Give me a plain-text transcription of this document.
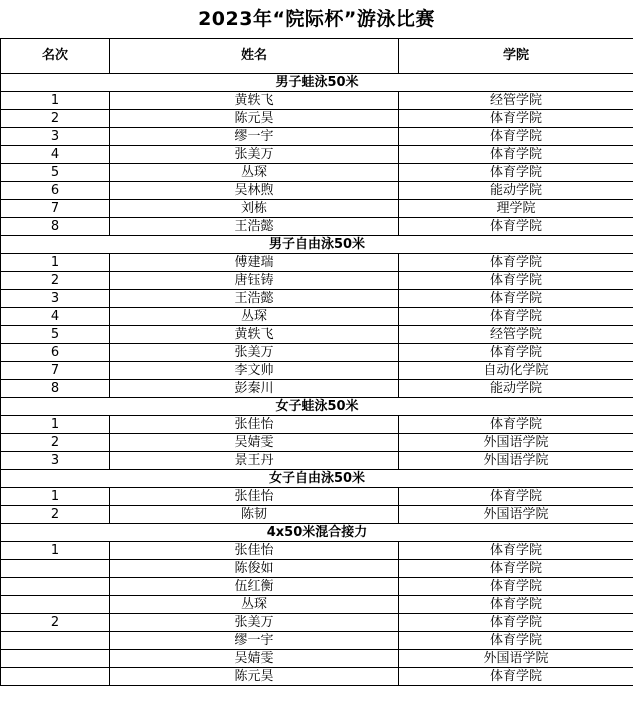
2023年“院际杯”游泳比赛
名次	姓名	学院
男子蛙泳50米		
1	黄轶飞	经管学院
2	陈元昊	体育学院
3	缪一宇	体育学院
4	张美万	体育学院
5	丛琛	体育学院
6	吴林煦	能动学院
7	刘栋	理学院
8	王浩懿	体育学院
男子自由泳50米		
1	傅建瑞	体育学院
2	唐钰铸	体育学院
3	王浩懿	体育学院
4	丛琛	体育学院
5	黄轶飞	经管学院
6	张美万	体育学院
7	李文帅	自动化学院
8	彭秦川	能动学院
女子蛙泳50米		
1	张佳怡	体育学院
2	吴婧雯	外国语学院
3	景王丹	外国语学院
女子自由泳50米		
1	张佳怡	体育学院
2	陈韧	外国语学院
4x50米混合接力		
1	张佳怡	体育学院
	陈俊如	体育学院
	伍红衡	体育学院
	丛琛	体育学院
2	张美万	体育学院
	缪一宇	体育学院
	吴婧雯	外国语学院
	陈元昊	体育学院
